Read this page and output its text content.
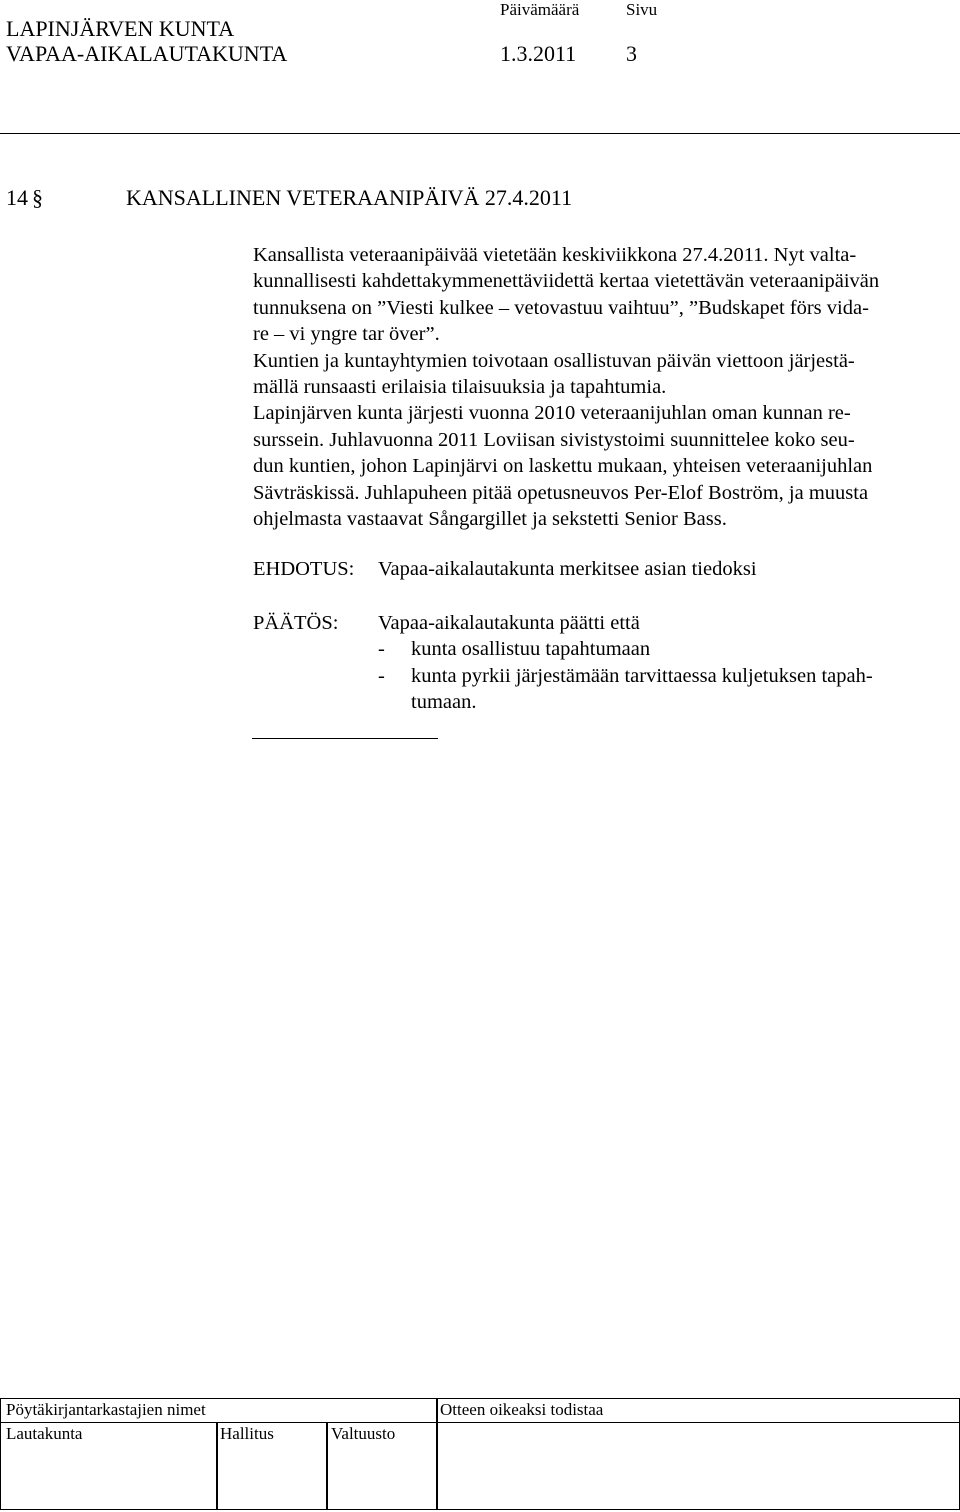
LAPINJÄRVEN KUNTA
VAPAA-AIKALAUTAKUNTA
Päivämäärä	Sivu
1.3.2011 3
14 §	KANSALLINEN VETERAANIPÄIVÄ 27.4.2011
Kansallista veteraanipäivää vietetään keskiviikkona 27.4.2011. Nyt valta-
kunnallisesti kahdettakymmenettäviidettä kertaa vietettävän veteraanipäivän
tunnuksena on ”Viesti kulkee – vetovastuu vaihtuu”, ”Budskapet förs vida-
re – vi yngre tar över”.
Kuntien ja kuntayhtymien toivotaan osallistuvan päivän viettoon järjestä-
mällä runsaasti erilaisia tilaisuuksia ja tapahtumia.
Lapinjärven kunta järjesti vuonna 2010 veteraanijuhlan oman kunnan re-
surssein. Juhlavuonna 2011 Loviisan sivistystoimi suunnittelee koko seu-
dun kuntien, johon Lapinjärvi on laskettu mukaan, yhteisen veteraanijuhlan
Sävträskissä. Juhlapuheen pitää opetusneuvos Per-Elof Boström, ja muusta
ohjelmasta vastaavat Sångargillet ja sekstetti Senior Bass.
EHDOTUS: Vapaa-aikalautakunta merkitsee asian tiedoksi
PÄÄTÖS: Vapaa-aikalautakunta päätti että
- kunta osallistuu tapahtumaan
- kunta pyrkii järjestämään tarvittaessa kuljetuksen tapah-
tumaan.
Pöytäkirjantarkastajien nimet	Otteen oikeaksi todistaa
Lautakunta	Hallitus	Valtuusto
